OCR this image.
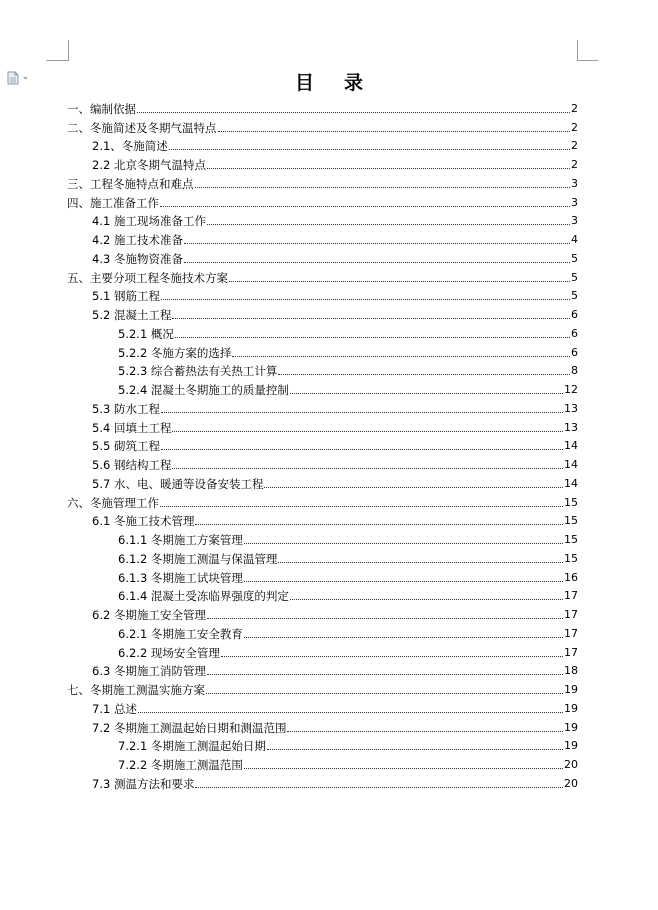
目录
一、编制依据	2
二、冬施简述及冬期气温特点	2
2.1、冬施简述	2
2.2 北京冬期气温特点	2
三、工程冬施特点和难点	3
四、施工准备工作	3
4.1 施工现场准备工作	3
4.2 施工技术准备	4
4.3 冬施物资准备	5
五、主要分项工程冬施技术方案	5
5.1 钢筋工程	5
5.2 混凝土工程	6
5.2.1 概况	6
5.2.2 冬施方案的选择	6
5.2.3 综合蓄热法有关热工计算	8
5.2.4 混凝土冬期施工的质量控制	12
5.3 防水工程	13
5.4 回填土工程	13
5.5 砌筑工程	14
5.6 钢结构工程	14
5.7 水、电、暖通等设备安装工程	14
六、冬施管理工作	15
6.1 冬施工技术管理	15
6.1.1 冬期施工方案管理	15
6.1.2 冬期施工测温与保温管理	15
6.1.3 冬期施工试块管理	16
6.1.4 混凝土受冻临界强度的判定	17
6.2 冬期施工安全管理	17
6.2.1 冬期施工安全教育	17
6.2.2 现场安全管理	17
6.3 冬期施工消防管理	18
七、冬期施工测温实施方案	19
7.1 总述	19
7.2 冬期施工测温起始日期和测温范围	19
7.2.1 冬期施工测温起始日期	19
7.2.2 冬期施工测温范围	20
7.3 测温方法和要求	20
